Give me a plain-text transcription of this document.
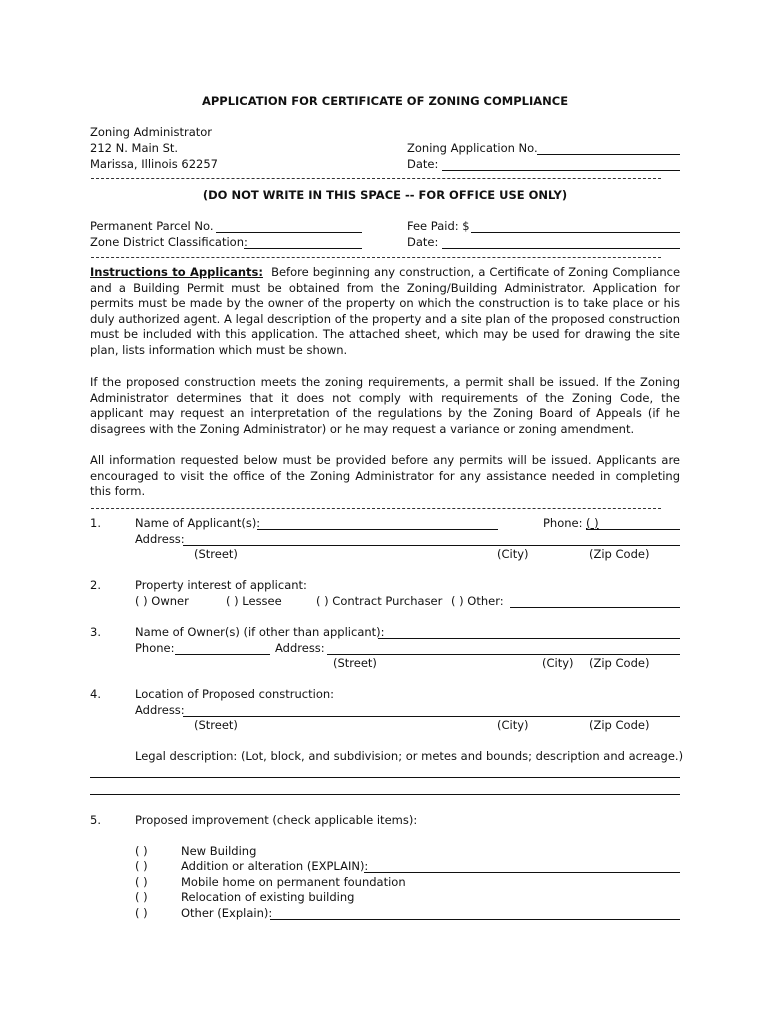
APPLICATION FOR CERTIFICATE OF ZONING COMPLIANCE
Zoning Administrator
212 N. Main St.
Marissa, Illinois 62257
Zoning Application No.
Date:
(DO NOT WRITE IN THIS SPACE -- FOR OFFICE USE ONLY)
Permanent Parcel No.
Zone District Classification:
Fee Paid: $
Date:
Instructions to Applicants: Before beginning any construction, a Certificate of Zoning Compliance and a Building Permit must be obtained from the Zoning/Building Administrator. Application for permits must be made by the owner of the property on which the construction is to take place or his duly authorized agent. A legal description of the property and a site plan of the proposed construction must be included with this application. The attached sheet, which may be used for drawing the site plan, lists information which must be shown.
If the proposed construction meets the zoning requirements, a permit shall be issued. If the Zoning Administrator determines that it does not comply with requirements of the Zoning Code, the applicant may request an interpretation of the regulations by the Zoning Board of Appeals (if he disagrees with the Zoning Administrator) or he may request a variance or zoning amendment.
All information requested below must be provided before any permits will be issued. Applicants are encouraged to visit the office of the Zoning Administrator for any assistance needed in completing this form.
1.	Name of Applicant(s):	Phone: ( )
Address:
(Street)	(City)	(Zip Code)
2.	Property interest of applicant:
( ) Owner	( ) Lessee	( ) Contract Purchaser ( ) Other:
3.	Name of Owner(s) (if other than applicant):
Phone:	Address:
(Street)	(City) (Zip Code)
4.	Location of Proposed construction:
Address:
(Street)	(City)	(Zip Code)
Legal description: (Lot, block, and subdivision; or metes and bounds; description and acreage.)
5.	Proposed improvement (check applicable items):
( )	New Building
( )	Addition or alteration (EXPLAIN):
( )	Mobile home on permanent foundation
( )	Relocation of existing building
( )	Other (Explain):
